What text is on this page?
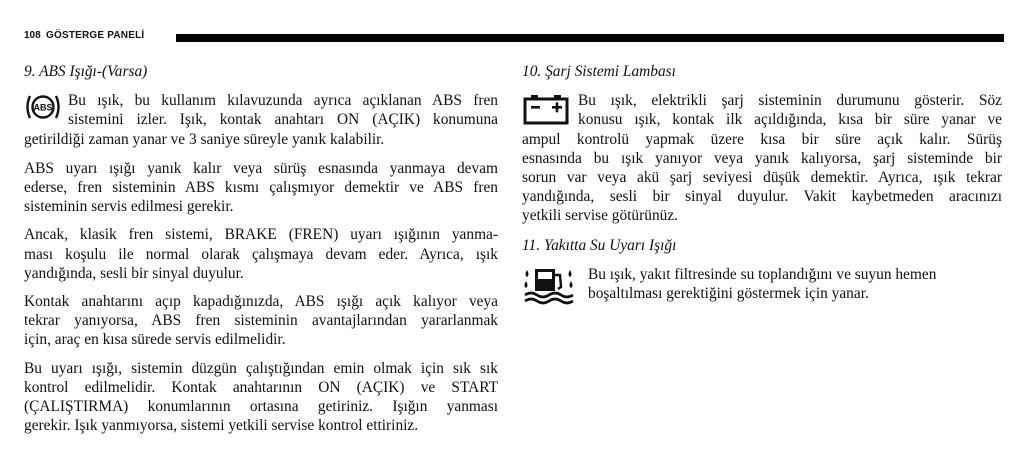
108 GÖSTERGE PANELİ
9. ABS Işığı-(Varsa)
ABS	Bu ışık, bu kullanım kılavuzunda ayrıca açıklanan ABS fren
sistemini izler. Işık, kontak anahtarı ON (AÇIK) konumuna
getirildiği zaman yanar ve 3 saniye süreyle yanık kalabilir.

ABS uyarı ışığı yanık kalır veya sürüş esnasında yanmaya devam
ederse, fren sisteminin ABS kısmı çalışmıyor demektir ve ABS fren
sisteminin servis edilmesi gerekir.

Ancak, klasik fren sistemi, BRAKE (FREN) uyarı ışığının yanma-
ması koşulu ile normal olarak çalışmaya devam eder. Ayrıca, ışık
yandığında, sesli bir sinyal duyulur.

Kontak anahtarını açıp kapadığınızda, ABS ışığı açık kalıyor veya
tekrar yanıyorsa, ABS fren sisteminin avantajlarından yararlanmak
için, araç en kısa sürede servis edilmelidir.

Bu uyarı ışığı, sistemin düzgün çalıştığından emin olmak için sık sık
kontrol edilmelidir. Kontak anahtarının ON (AÇIK) ve START
(ÇALIŞTIRMA) konumlarının ortasına getiriniz. Işığın yanması
gerekir. Işık yanmıyorsa, sistemi yetkili servise kontrol ettiriniz.

10. Şarj Sistemi Lambası
Bu ışık, elektrikli şarj sisteminin durumunu gösterir. Söz
konusu ışık, kontak ilk açıldığında, kısa bir süre yanar ve
ampul kontrolü yapmak üzere kısa bir süre açık kalır. Sürüş
esnasında bu ışık yanıyor veya yanık kalıyorsa, şarj sisteminde bir
sorun var veya akü şarj seviyesi düşük demektir. Ayrıca, ışık tekrar
yandığında, sesli bir sinyal duyulur. Vakit kaybetmeden aracınızı
yetkili servise götürünüz.
11. Yakıtta Su Uyarı Işığı
Bu ışık, yakıt filtresinde su toplandığını ve suyun hemen
boşaltılması gerektiğini göstermek için yanar.
